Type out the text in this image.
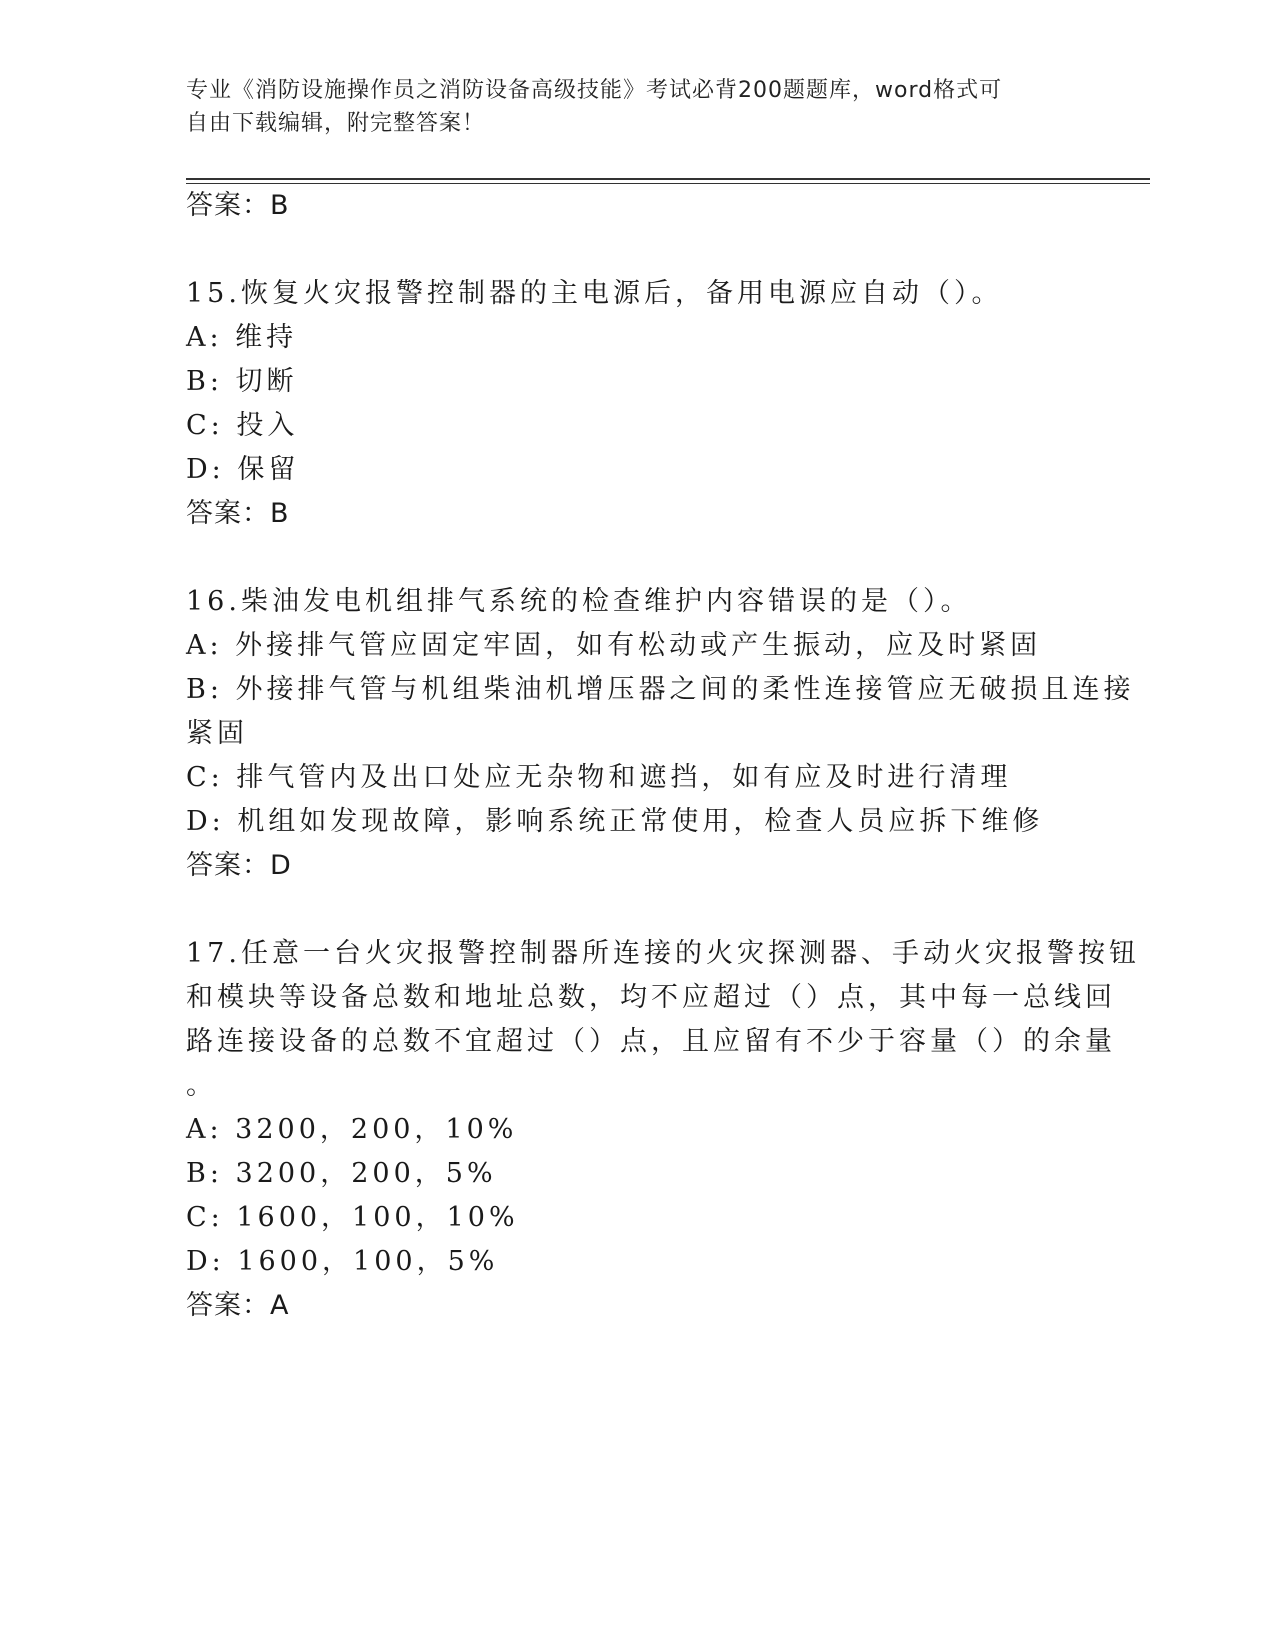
专业《消防设施操作员之消防设备高级技能》考试必背200题题库，word格式可
自由下载编辑，附完整答案！
答案：B
15.恢复火灾报警控制器的主电源后，备用电源应自动（）。
A: 维持
B: 切断
C: 投入
D: 保留
答案：B
16.柴油发电机组排气系统的检查维护内容错误的是（）。
A: 外接排气管应固定牢固，如有松动或产生振动，应及时紧固
B: 外接排气管与机组柴油机增压器之间的柔性连接管应无破损且连接
紧固
C: 排气管内及出口处应无杂物和遮挡，如有应及时进行清理
D: 机组如发现故障，影响系统正常使用，检查人员应拆下维修
答案：D
17.任意一台火灾报警控制器所连接的火灾探测器、手动火灾报警按钮
和模块等设备总数和地址总数，均不应超过（）点，其中每一总线回
路连接设备的总数不宜超过（）点，且应留有不少于容量（）的余量
。
A: 3200，200，10%
B: 3200，200，5%
C: 1600，100，10%
D: 1600，100，5%
答案：A
